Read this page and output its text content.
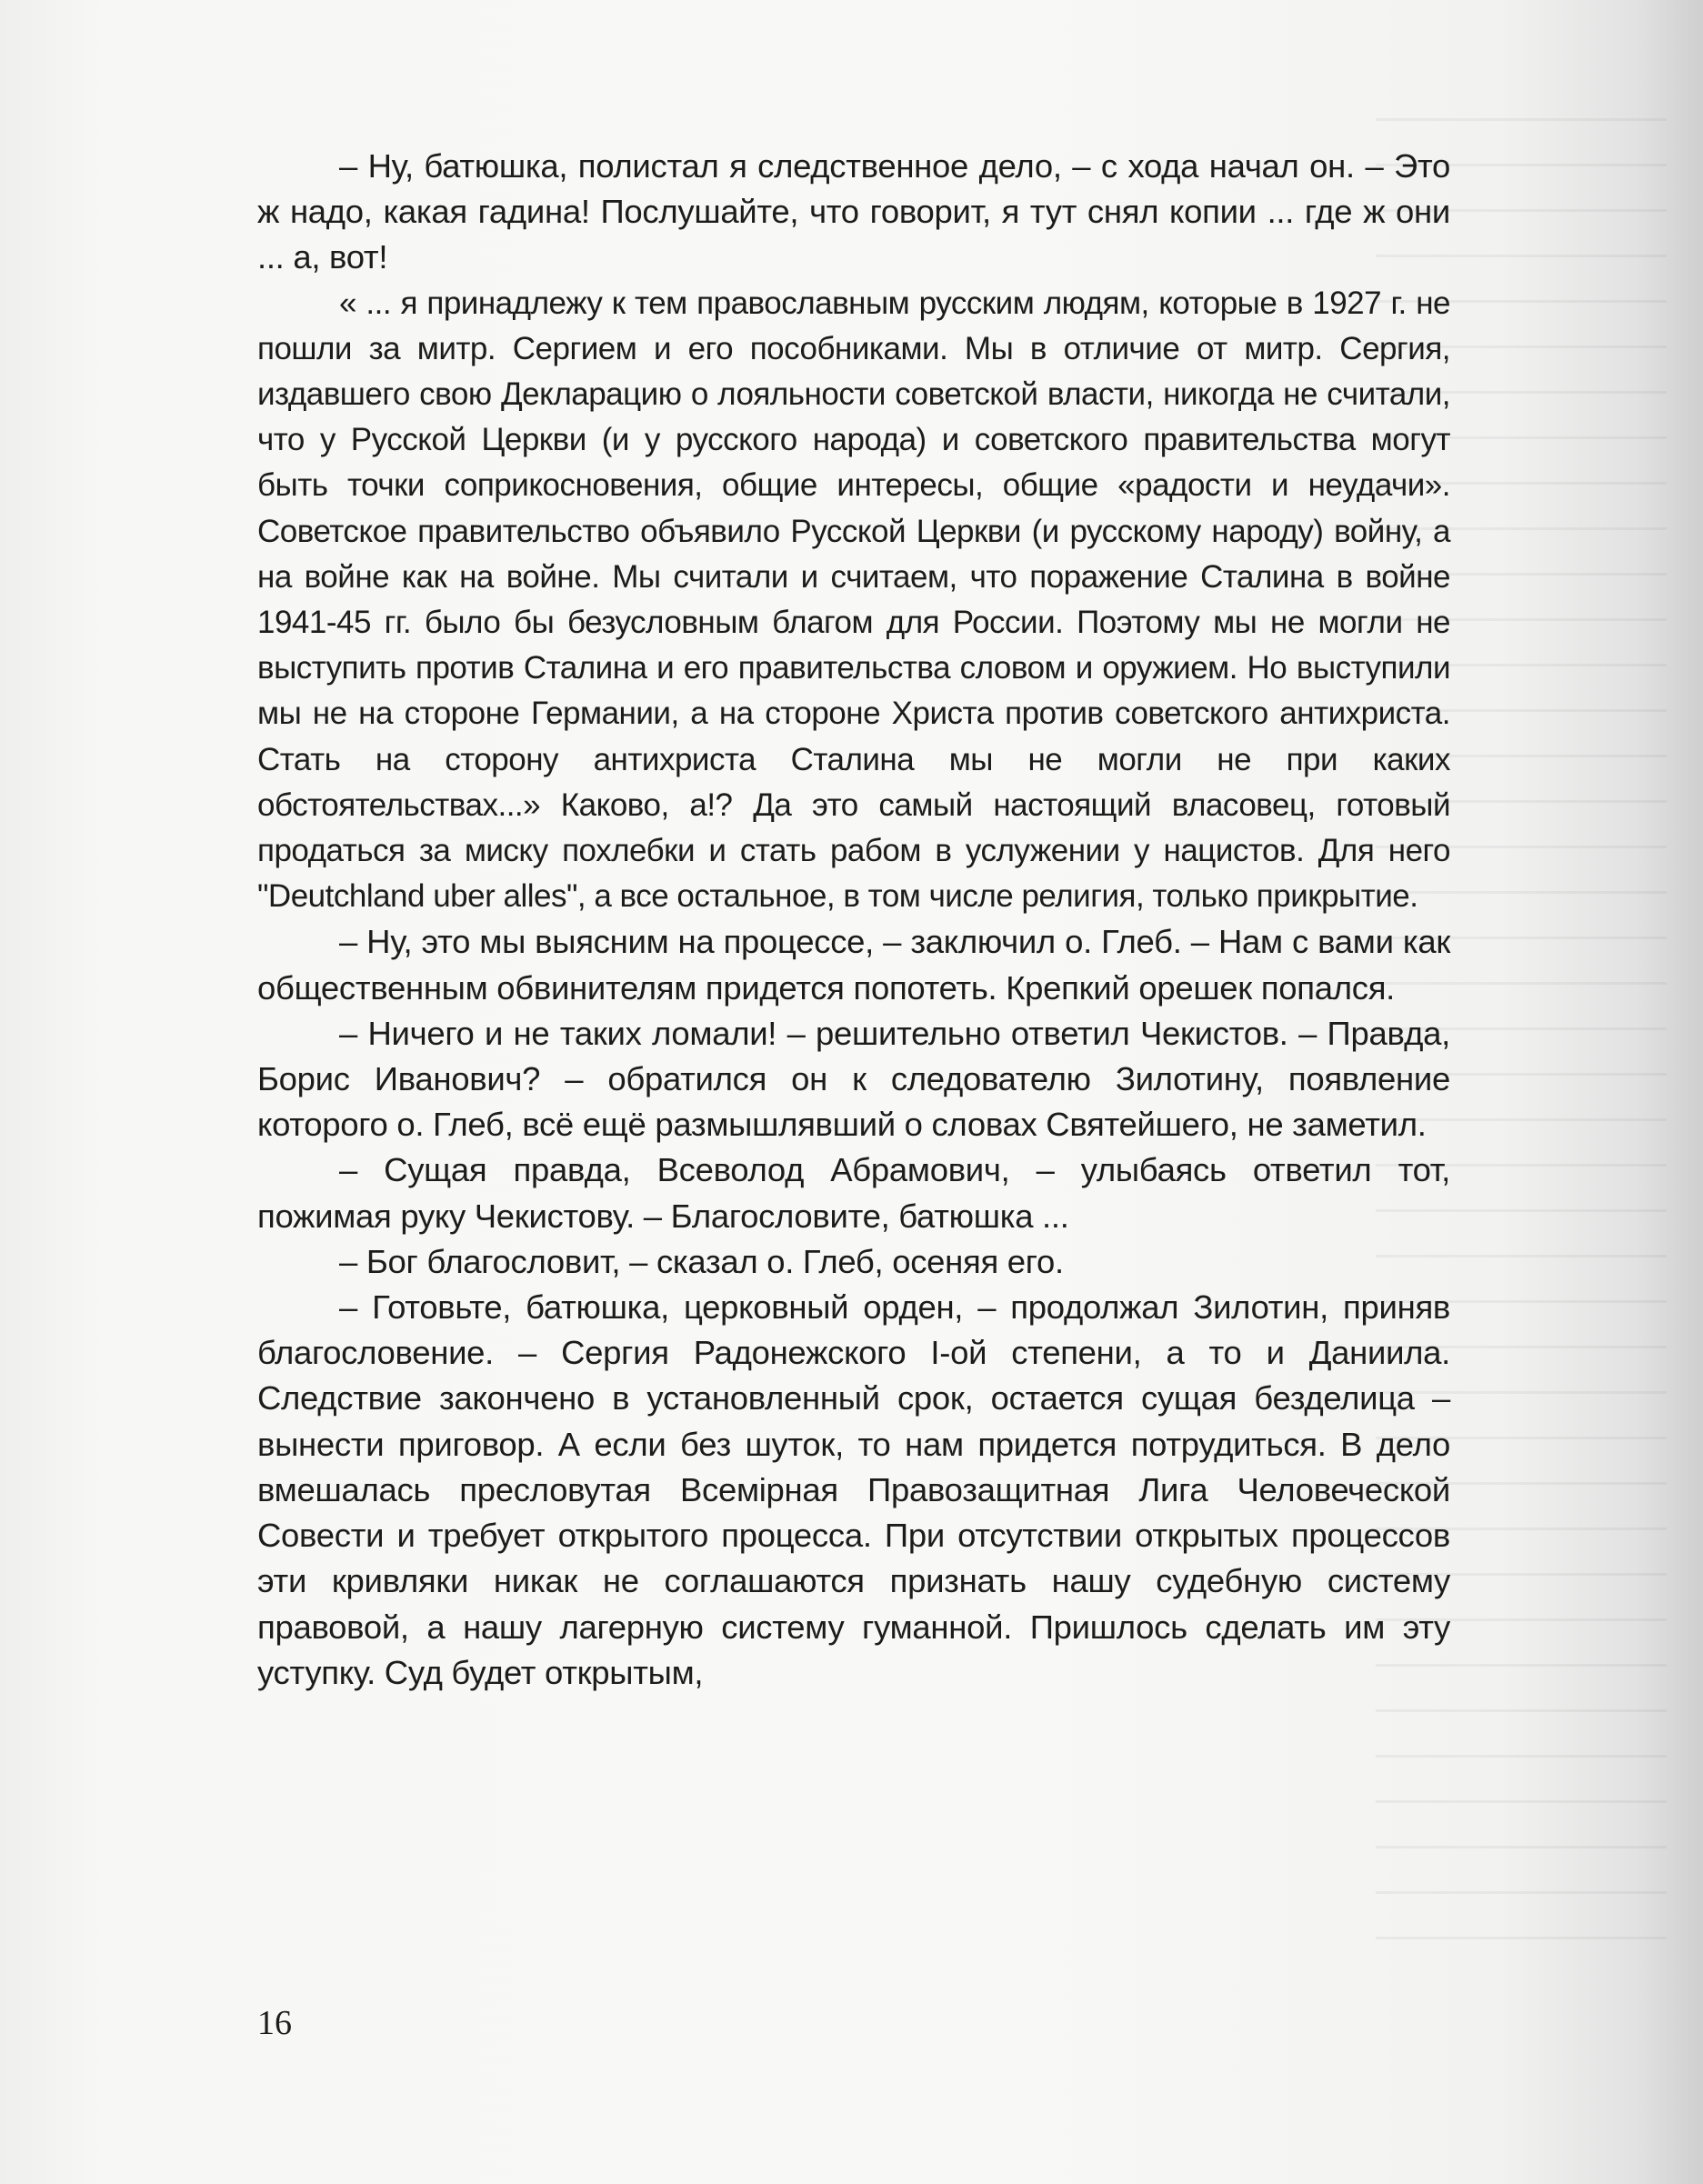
– Ну, батюшка, полистал я следственное дело, – с хода начал он. – Это ж надо, какая гадина! Послушайте, что говорит, я тут снял копии ... где ж они ... а, вот!

« ... я принадлежу к тем православным русским людям, которые в 1927 г. не пошли за митр. Сергием и его пособниками. Мы в отличие от митр. Сергия, издавшего свою Декларацию о лояльности советской власти, никогда не считали, что у Русской Церкви (и у русского народа) и советского правительства могут быть точки соприкосновения, общие интересы, общие «радости и неудачи». Советское правительство объявило Русской Церкви (и русскому народу) войну, а на войне как на войне. Мы считали и считаем, что поражение Сталина в войне 1941-45 гг. было бы безусловным благом для России. Поэтому мы не могли не выступить против Сталина и его правительства словом и оружием. Но выступили мы не на стороне Германии, а на стороне Христа против советского антихриста. Стать на сторону антихриста Сталина мы не могли не при каких обстоятельствах...» Каково, а!? Да это самый настоящий власовец, готовый продаться за миску похлебки и стать рабом в услужении у нацистов. Для него "Deutchland uber alles", а все остальное, в том числе религия, только прикрытие.

– Ну, это мы выясним на процессе, – заключил о. Глеб. – Нам с вами как общественным обвинителям придется попотеть. Крепкий орешек попался.

– Ничего и не таких ломали! – решительно ответил Чекистов. – Правда, Борис Иванович? – обратился он к следователю Зилотину, появление которого о. Глеб, всё ещё размышлявший о словах Святейшего, не заметил.

– Сущая правда, Всеволод Абрамович, – улыбаясь ответил тот, пожимая руку Чекистову. – Благословите, батюшка ...

– Бог благословит, – сказал о. Глеб, осеняя его.

– Готовьте, батюшка, церковный орден, – продолжал Зилотин, приняв благословение. – Сергия Радонежского I-ой степени, а то и Даниила. Следствие закончено в установленный срок, остается сущая безделица – вынести приговор. А если без шуток, то нам придется потрудиться. В дело вмешалась пресловутая Всемiрная Правозащитная Лига Человеческой Совести и требует открытого процесса. При отсутствии открытых процессов эти кривляки никак не соглашаются признать нашу судебную систему правовой, а нашу лагерную систему гуманной. Пришлось сделать им эту уступку. Суд будет открытым,

16
